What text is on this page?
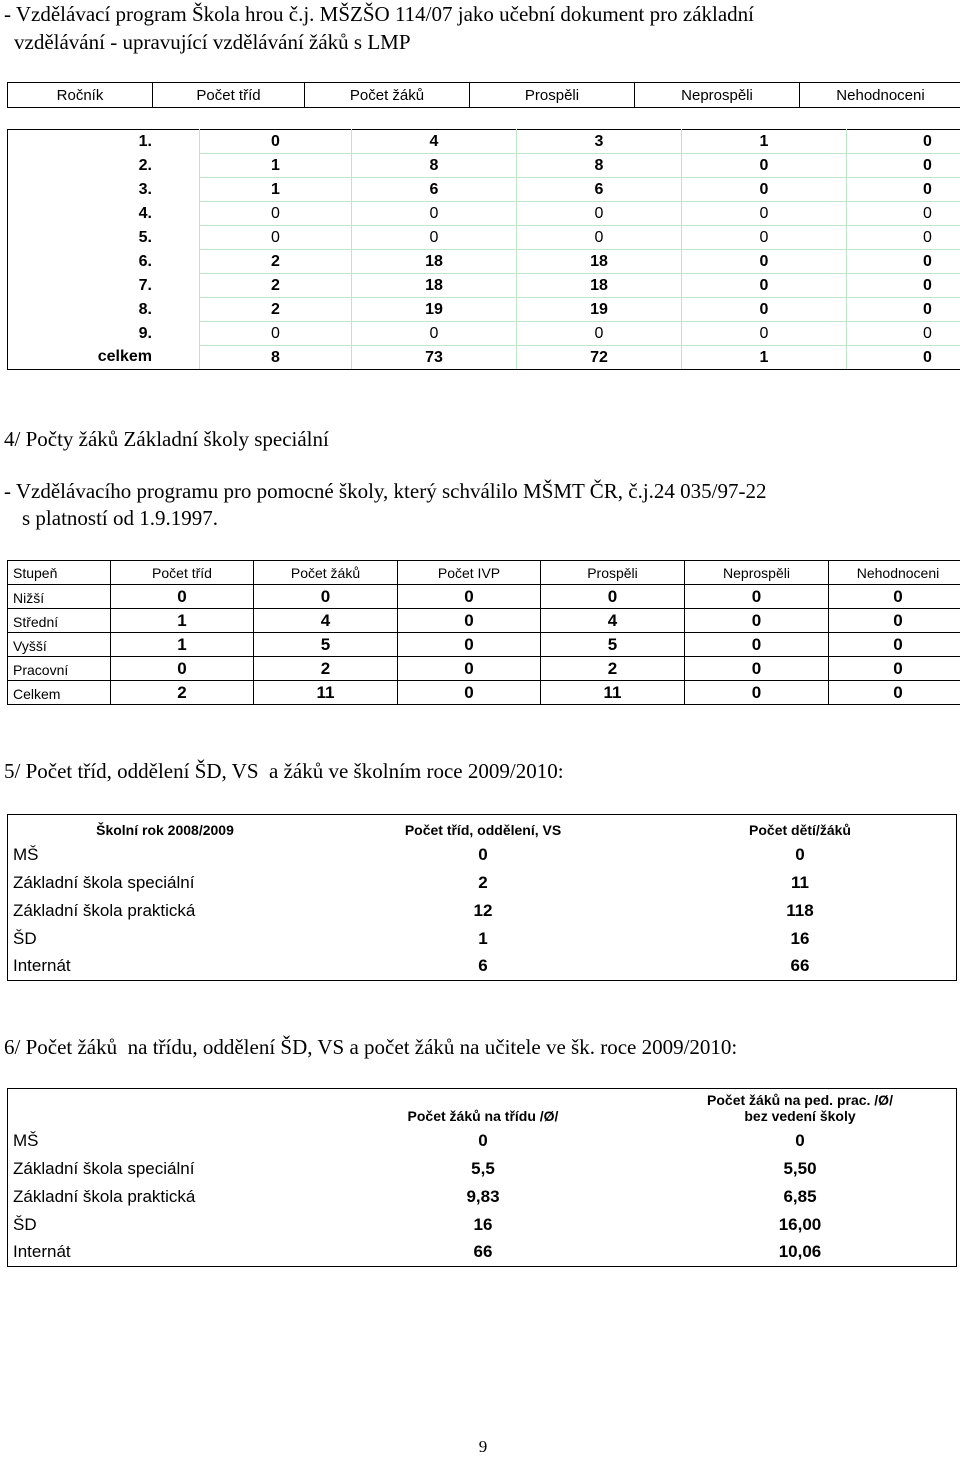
- Vzdělávací program Škola hrou č.j. MŠZŠO 114/07 jako učební dokument pro základní

vzdělávání - upravující vzdělávání žáků s LMP

Ročník	Počet tříd	Počet žáků	Prospěli	Neprospěli	Nehodnoceni
1.	0	4	3	1	0
2.	1	8	8	0	0
3.	1	6	6	0	0
4.	0	0	0	0	0
5.	0	0	0	0	0
6.	2	18	18	0	0
7.	2	18	18	0	0
8.	2	19	19	0	0
9.	0	0	0	0	0
celkem	8	73	72	1	0
4/ Počty žáků Základní školy speciální

- Vzdělávacího programu pro pomocné školy, který schválilo MŠMT ČR, č.j.24 035/97-22

s platností od 1.9.1997.

Stupeň	Počet tříd	Počet žáků	Počet IVP	Prospěli	Neprospěli	Nehodnoceni
Nižší	0	0	0	0	0	0
Střední	1	4	0	4	0	0
Vyšší	1	5	0	5	0	0
Pracovní	0	2	0	2	0	0
Celkem	2	11	0	11	0	0
5/ Počet tříd, oddělení ŠD, VS  a žáků ve školním roce 2009/2010:
Školní rok 2008/2009	Počet tříd, oddělení, VS	Počet dětí/žáků
MŠ	0	0
Základní škola speciální	2	11
Základní škola praktická	12	118
ŠD	1	16
Internát	6	66
6/ Počet žáků  na třídu, oddělení ŠD, VS a počet žáků na učitele ve šk. roce 2009/2010:

	Počet žáků na třídu /Ø/	Počet žáků na ped. prac. /Ø/
bez vedení školy

MŠ	0	0
Základní škola speciální	5,5	5,50
Základní škola praktická	9,83	6,85
ŠD	16	16,00
Internát	66	10,06
9
